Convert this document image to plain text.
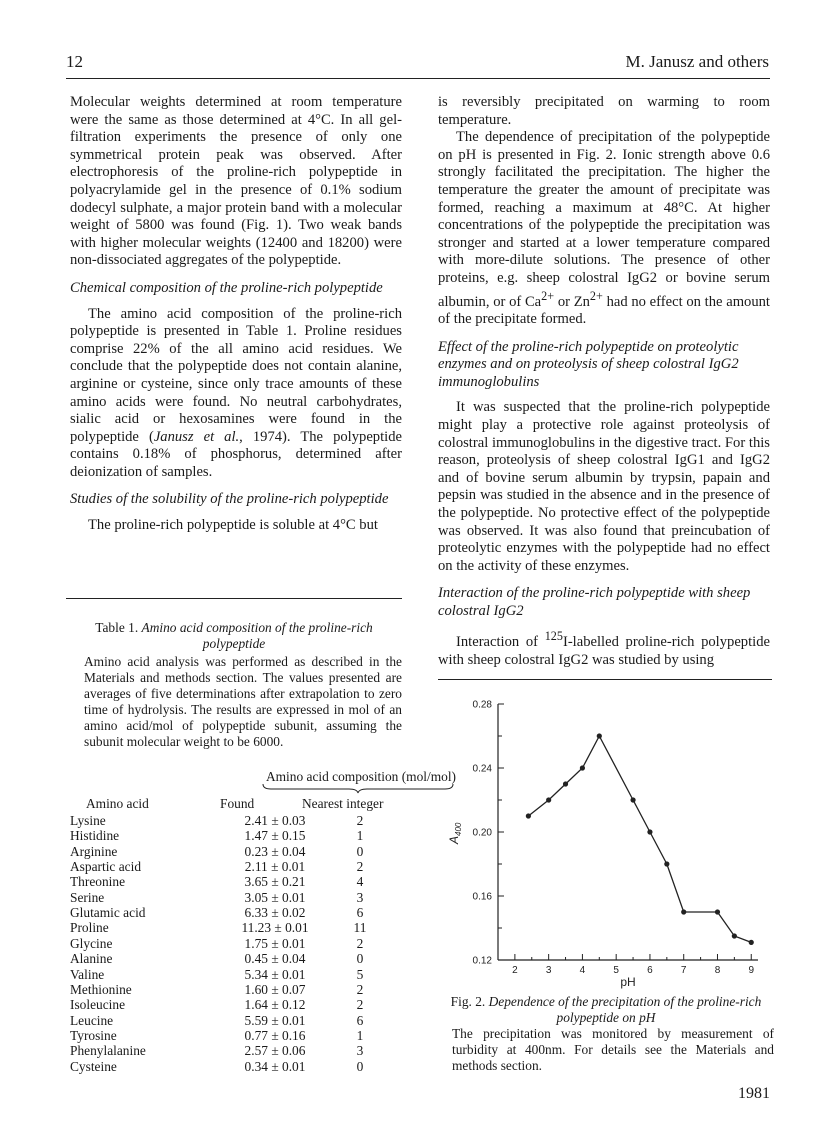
12	M. Janusz and others

Molecular weights determined at room temperature were the same as those determined at 4°C. In all gel-filtration experiments the presence of only one symmetrical protein peak was observed. After electrophoresis of the proline-rich polypeptide in polyacrylamide gel in the presence of 0.1% sodium dodecyl sulphate, a major protein band with a molecular weight of 5800 was found (Fig. 1). Two weak bands with higher molecular weights (12400 and 18200) were non-dissociated aggregates of the polypeptide.

Chemical composition of the proline-rich polypeptide

The amino acid composition of the proline-rich polypeptide is presented in Table 1. Proline residues comprise 22% of the all amino acid residues. We conclude that the polypeptide does not contain alanine, arginine or cysteine, since only trace amounts of these amino acids were found. No neutral carbohydrates, sialic acid or hexosamines were found in the polypeptide (Janusz et al., 1974). The polypeptide contains 0.18% of phosphorus, determined after deionization of samples.

Studies of the solubility of the proline-rich polypeptide

The proline-rich polypeptide is soluble at 4°C but

is reversibly precipitated on warming to room temperature.

The dependence of precipitation of the polypeptide on pH is presented in Fig. 2. Ionic strength above 0.6 strongly facilitated the precipitation. The higher the temperature the greater the amount of precipitate was formed, reaching a maximum at 48°C. At higher concentrations of the polypeptide the precipitation was stronger and started at a lower temperature compared with more-dilute solutions. The presence of other proteins, e.g. sheep colostral IgG2 or bovine serum albumin, or of $Ca^{2+}$ or $Zn^{2+}$ had no effect on the amount of the precipitate formed.

Effect of the proline-rich polypeptide on proteolytic enzymes and on proteolysis of sheep colostral IgG2 immunoglobulins

It was suspected that the proline-rich polypeptide might play a protective role against proteolysis of colostral immunoglobulins in the digestive tract. For this reason, proteolysis of sheep colostral IgG1 and IgG2 and of bovine serum albumin by trypsin, papain and pepsin was studied in the absence and in the presence of the polypeptide. No protective effect of the polypeptide was observed. It was also found that preincubation of proteolytic enzymes with the polypeptide had no effect on the activity of these enzymes.

Interaction of the proline-rich polypeptide with sheep colostral IgG2

Interaction of $^{125}$I-labelled proline-rich polypeptide with sheep colostral IgG2 was studied by using

Table 1. Amino acid composition of the proline-rich polypeptide
Amino acid analysis was performed as described in the Materials and methods section. The values presented are averages of five determinations after extrapolation to zero time of hydrolysis. The results are expressed in mol of an amino acid/mol of polypeptide subunit, assuming the subunit molecular weight to be 6000.
Amino acid composition (mol/mol)
Amino acid	Found	Nearest integer
Lysine	2.41 ± 0.03	2
Histidine	1.47 ± 0.15	1
Arginine	0.23 ± 0.04	0
Aspartic acid	2.11 ± 0.01	2
Threonine	3.65 ± 0.21	4
Serine	3.05 ± 0.01	3
Glutamic acid	6.33 ± 0.02	6
Proline	11.23 ± 0.01	11
Glycine	1.75 ± 0.01	2
Alanine	0.45 ± 0.04	0
Valine	5.34 ± 0.01	5
Methionine	1.60 ± 0.07	2
Isoleucine	1.64 ± 0.12	2
Leucine	5.59 ± 0.01	6
Tyrosine	0.77 ± 0.16	1
Phenylalanine	2.57 ± 0.06	3
Cysteine	0.34 ± 0.01	0
2	3	4	5	6	7	8	9
0.12
0.16
0.20
0.24
0.28
pH
$A_{400}$
Fig. 2. Dependence of the precipitation of the proline-rich polypeptide on pH
The precipitation was monitored by measurement of turbidity at 400nm. For details see the Materials and methods section.
1981
